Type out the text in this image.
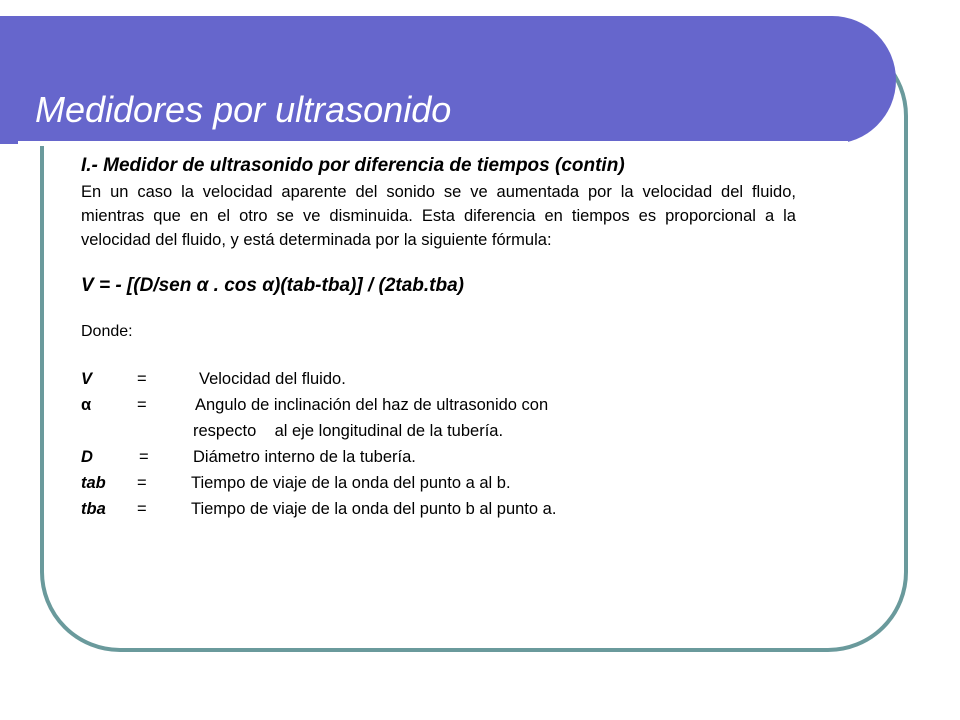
Medidores por ultrasonido

I.- Medidor de ultrasonido por diferencia de tiempos (contin)

En un caso la velocidad aparente del sonido se ve aumentada por la velocidad del fluido, mientras que en el otro se ve disminuida. Esta diferencia en tiempos es proporcional a la velocidad del fluido, y está determinada por la siguiente fórmula:

V = - [(D/sen α . cos α)(tab-tba)] / (2tab.tba)
Donde:
V	=	Velocidad del fluido.
α	=	Angulo de inclinación del haz de ultrasonido con
respecto    al eje longitudinal de la tubería.
D	=	Diámetro interno de la tubería.
tab =	Tiempo de viaje de la onda del punto a al b.
tba =	Tiempo de viaje de la onda del punto b al punto a.
